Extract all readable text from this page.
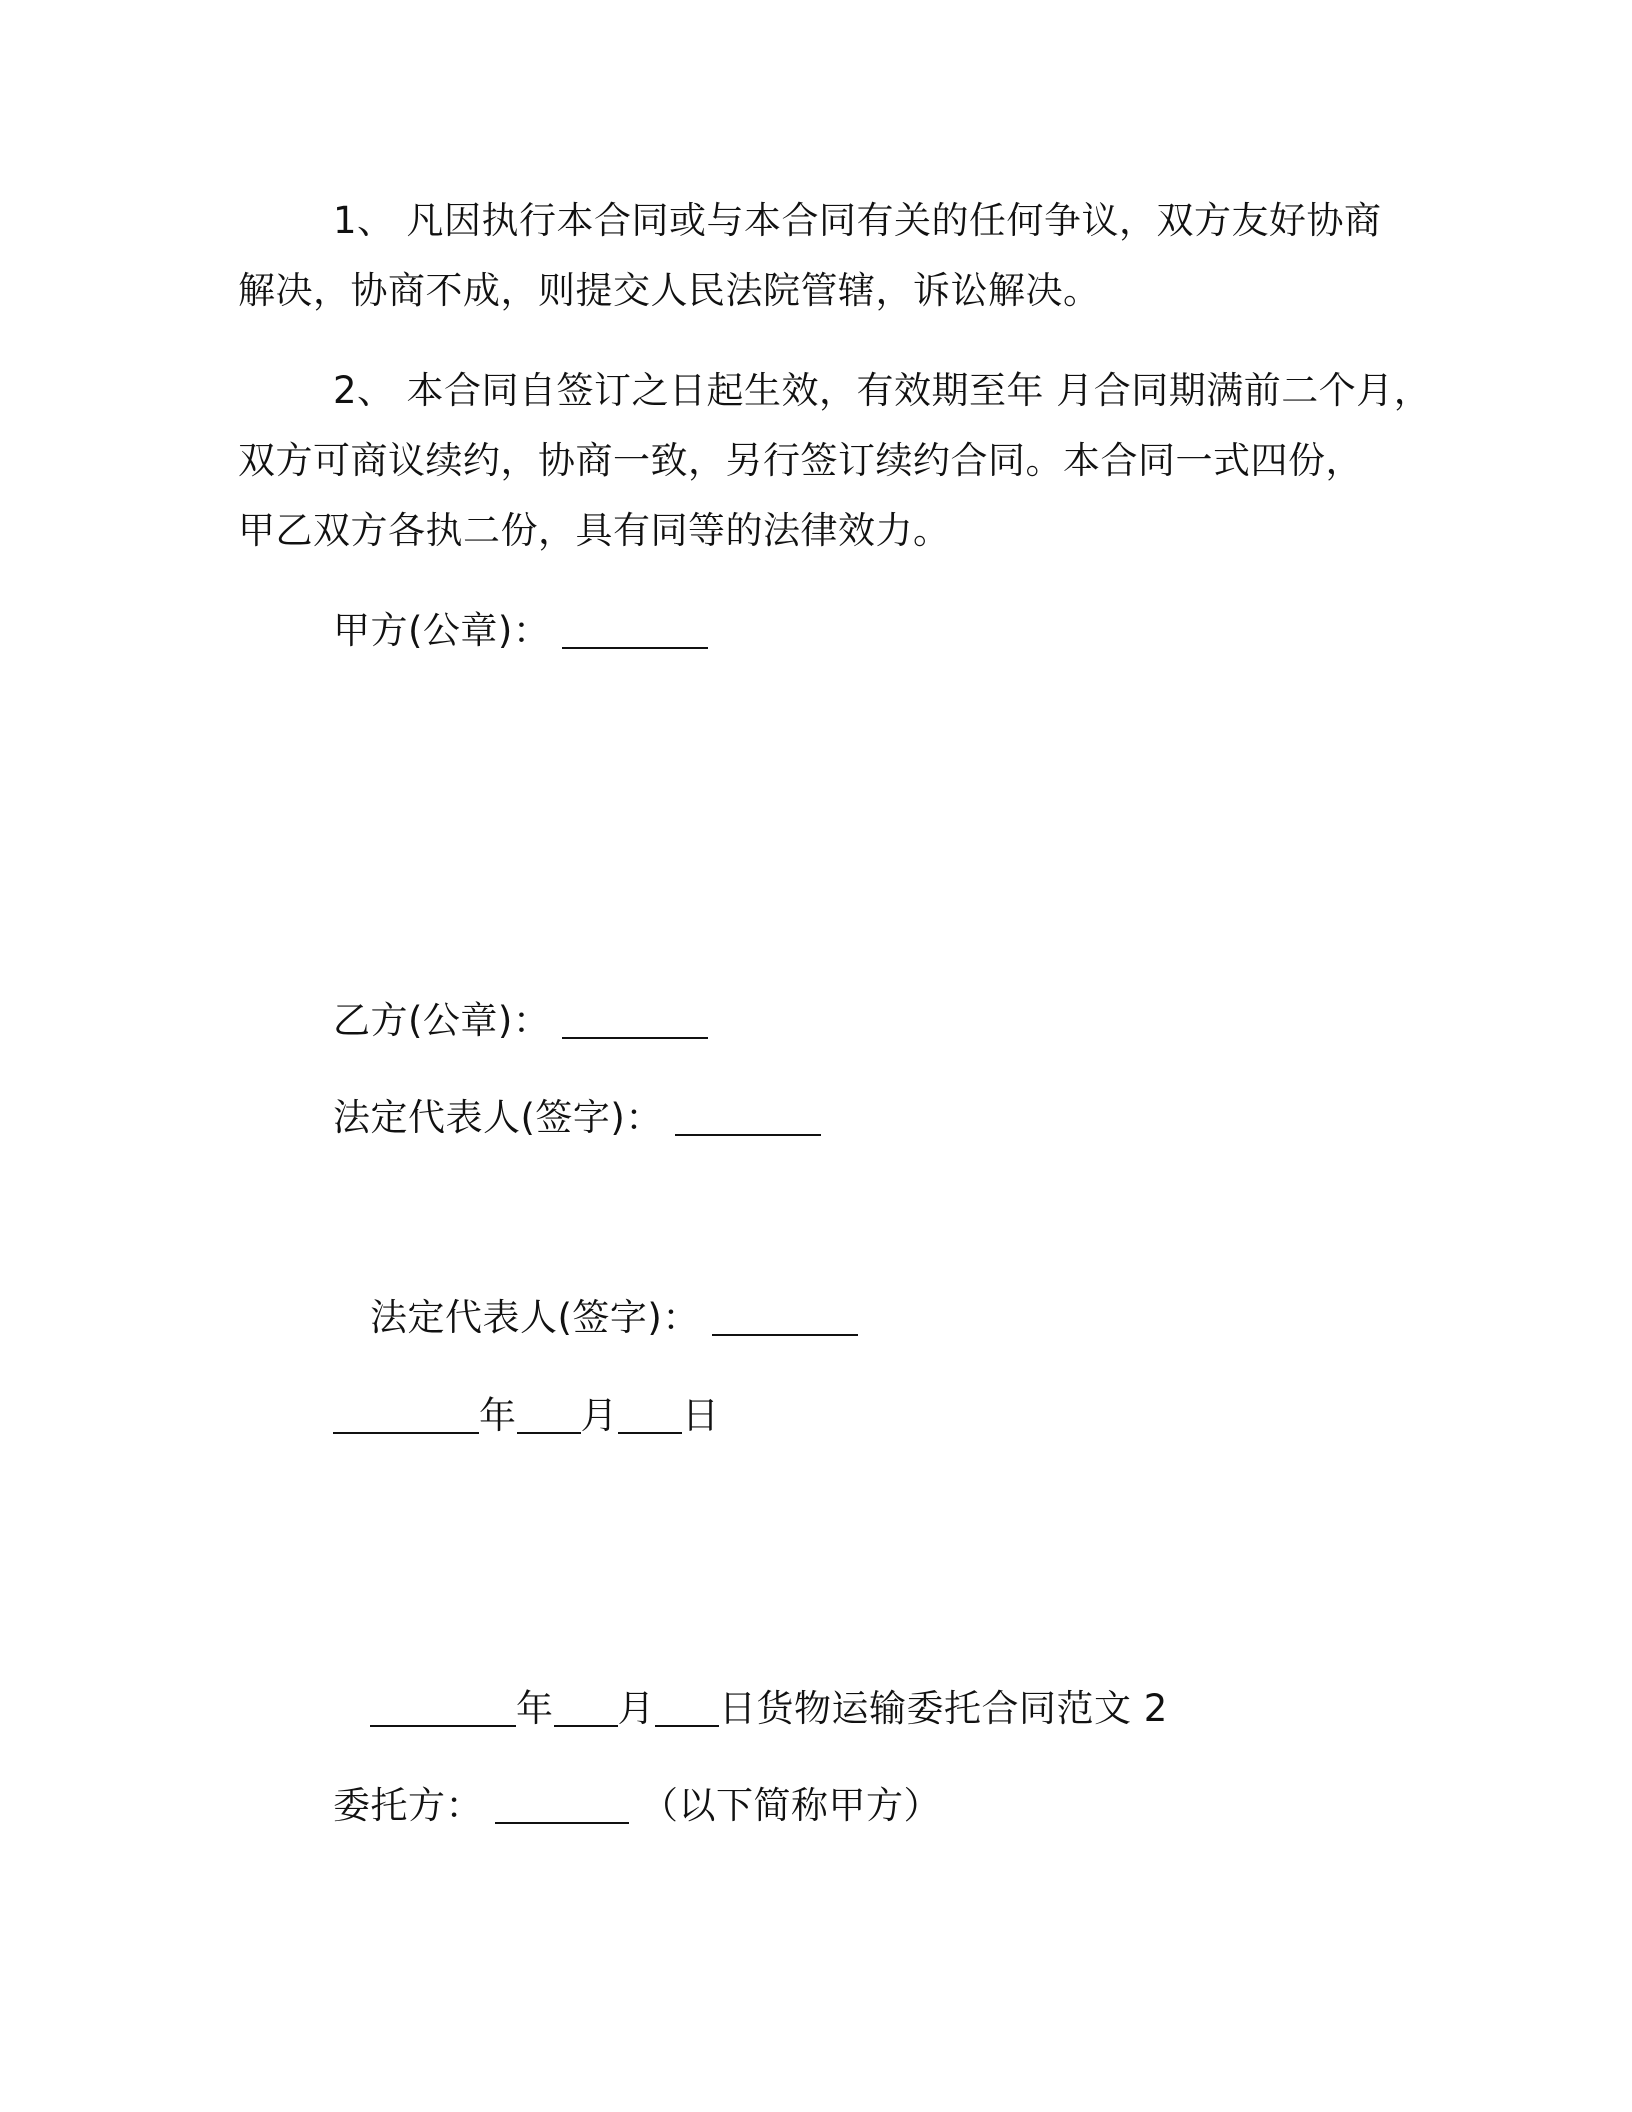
1、 凡因执行本合同或与本合同有关的任何争议，双方友好协商
解决，协商不成，则提交人民法院管辖，诉讼解决。
2、 本合同自签订之日起生效，有效期至年 月合同期满前二个月，
双方可商议续约，协商一致，另行签订续约合同。本合同一式四份，
甲乙双方各执二份，具有同等的法律效力。
甲方(公章)：
乙方(公章)：
法定代表人(签字)：
法定代表人(签字)：
年 月 日
年 月 日货物运输委托合同范文 2
委托方：	（以下简称甲方）
